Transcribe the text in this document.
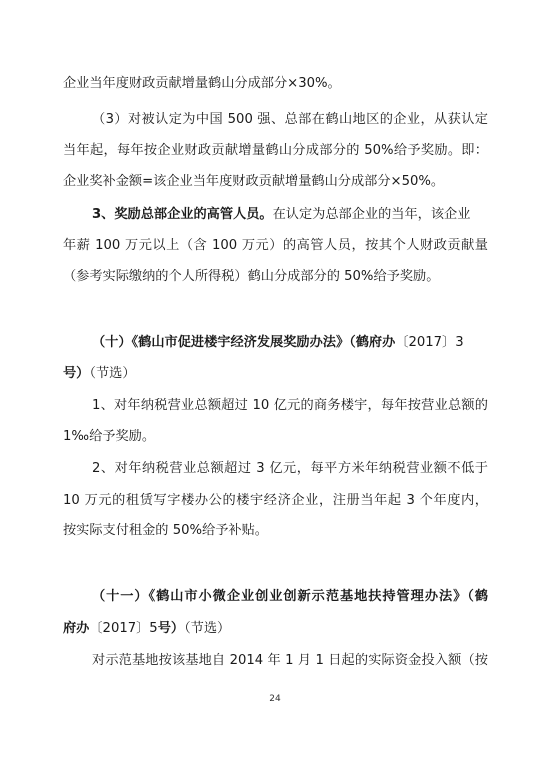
企业当年度财政贡献增量鹤山分成部分×30%。
（3）对被认定为中国 500 强、总部在鹤山地区的企业，从获认定
当年起，每年按企业财政贡献增量鹤山分成部分的 50%给予奖励。即：
企业奖补金额=该企业当年度财政贡献增量鹤山分成部分×50%。
3、奖励总部企业的高管人员。在认定为总部企业的当年，该企业
年薪 100 万元以上（含 100 万元）的高管人员，按其个人财政贡献量
（参考实际缴纳的个人所得税）鹤山分成部分的 50%给予奖励。
（十）《鹤山市促进楼宇经济发展奖励办法》（鹤府办〔2017〕3
号）（节选）
1、对年纳税营业总额超过 10 亿元的商务楼宇，每年按营业总额的
1‰给予奖励。
2、对年纳税营业总额超过 3 亿元，每平方米年纳税营业额不低于
10 万元的租赁写字楼办公的楼宇经济企业，注册当年起 3 个年度内，
按实际支付租金的 50%给予补贴。
（十一）《鹤山市小微企业创业创新示范基地扶持管理办法》（鹤
府办〔2017〕5号）（节选）
对示范基地按该基地自 2014 年 1 月 1 日起的实际资金投入额（按
24
